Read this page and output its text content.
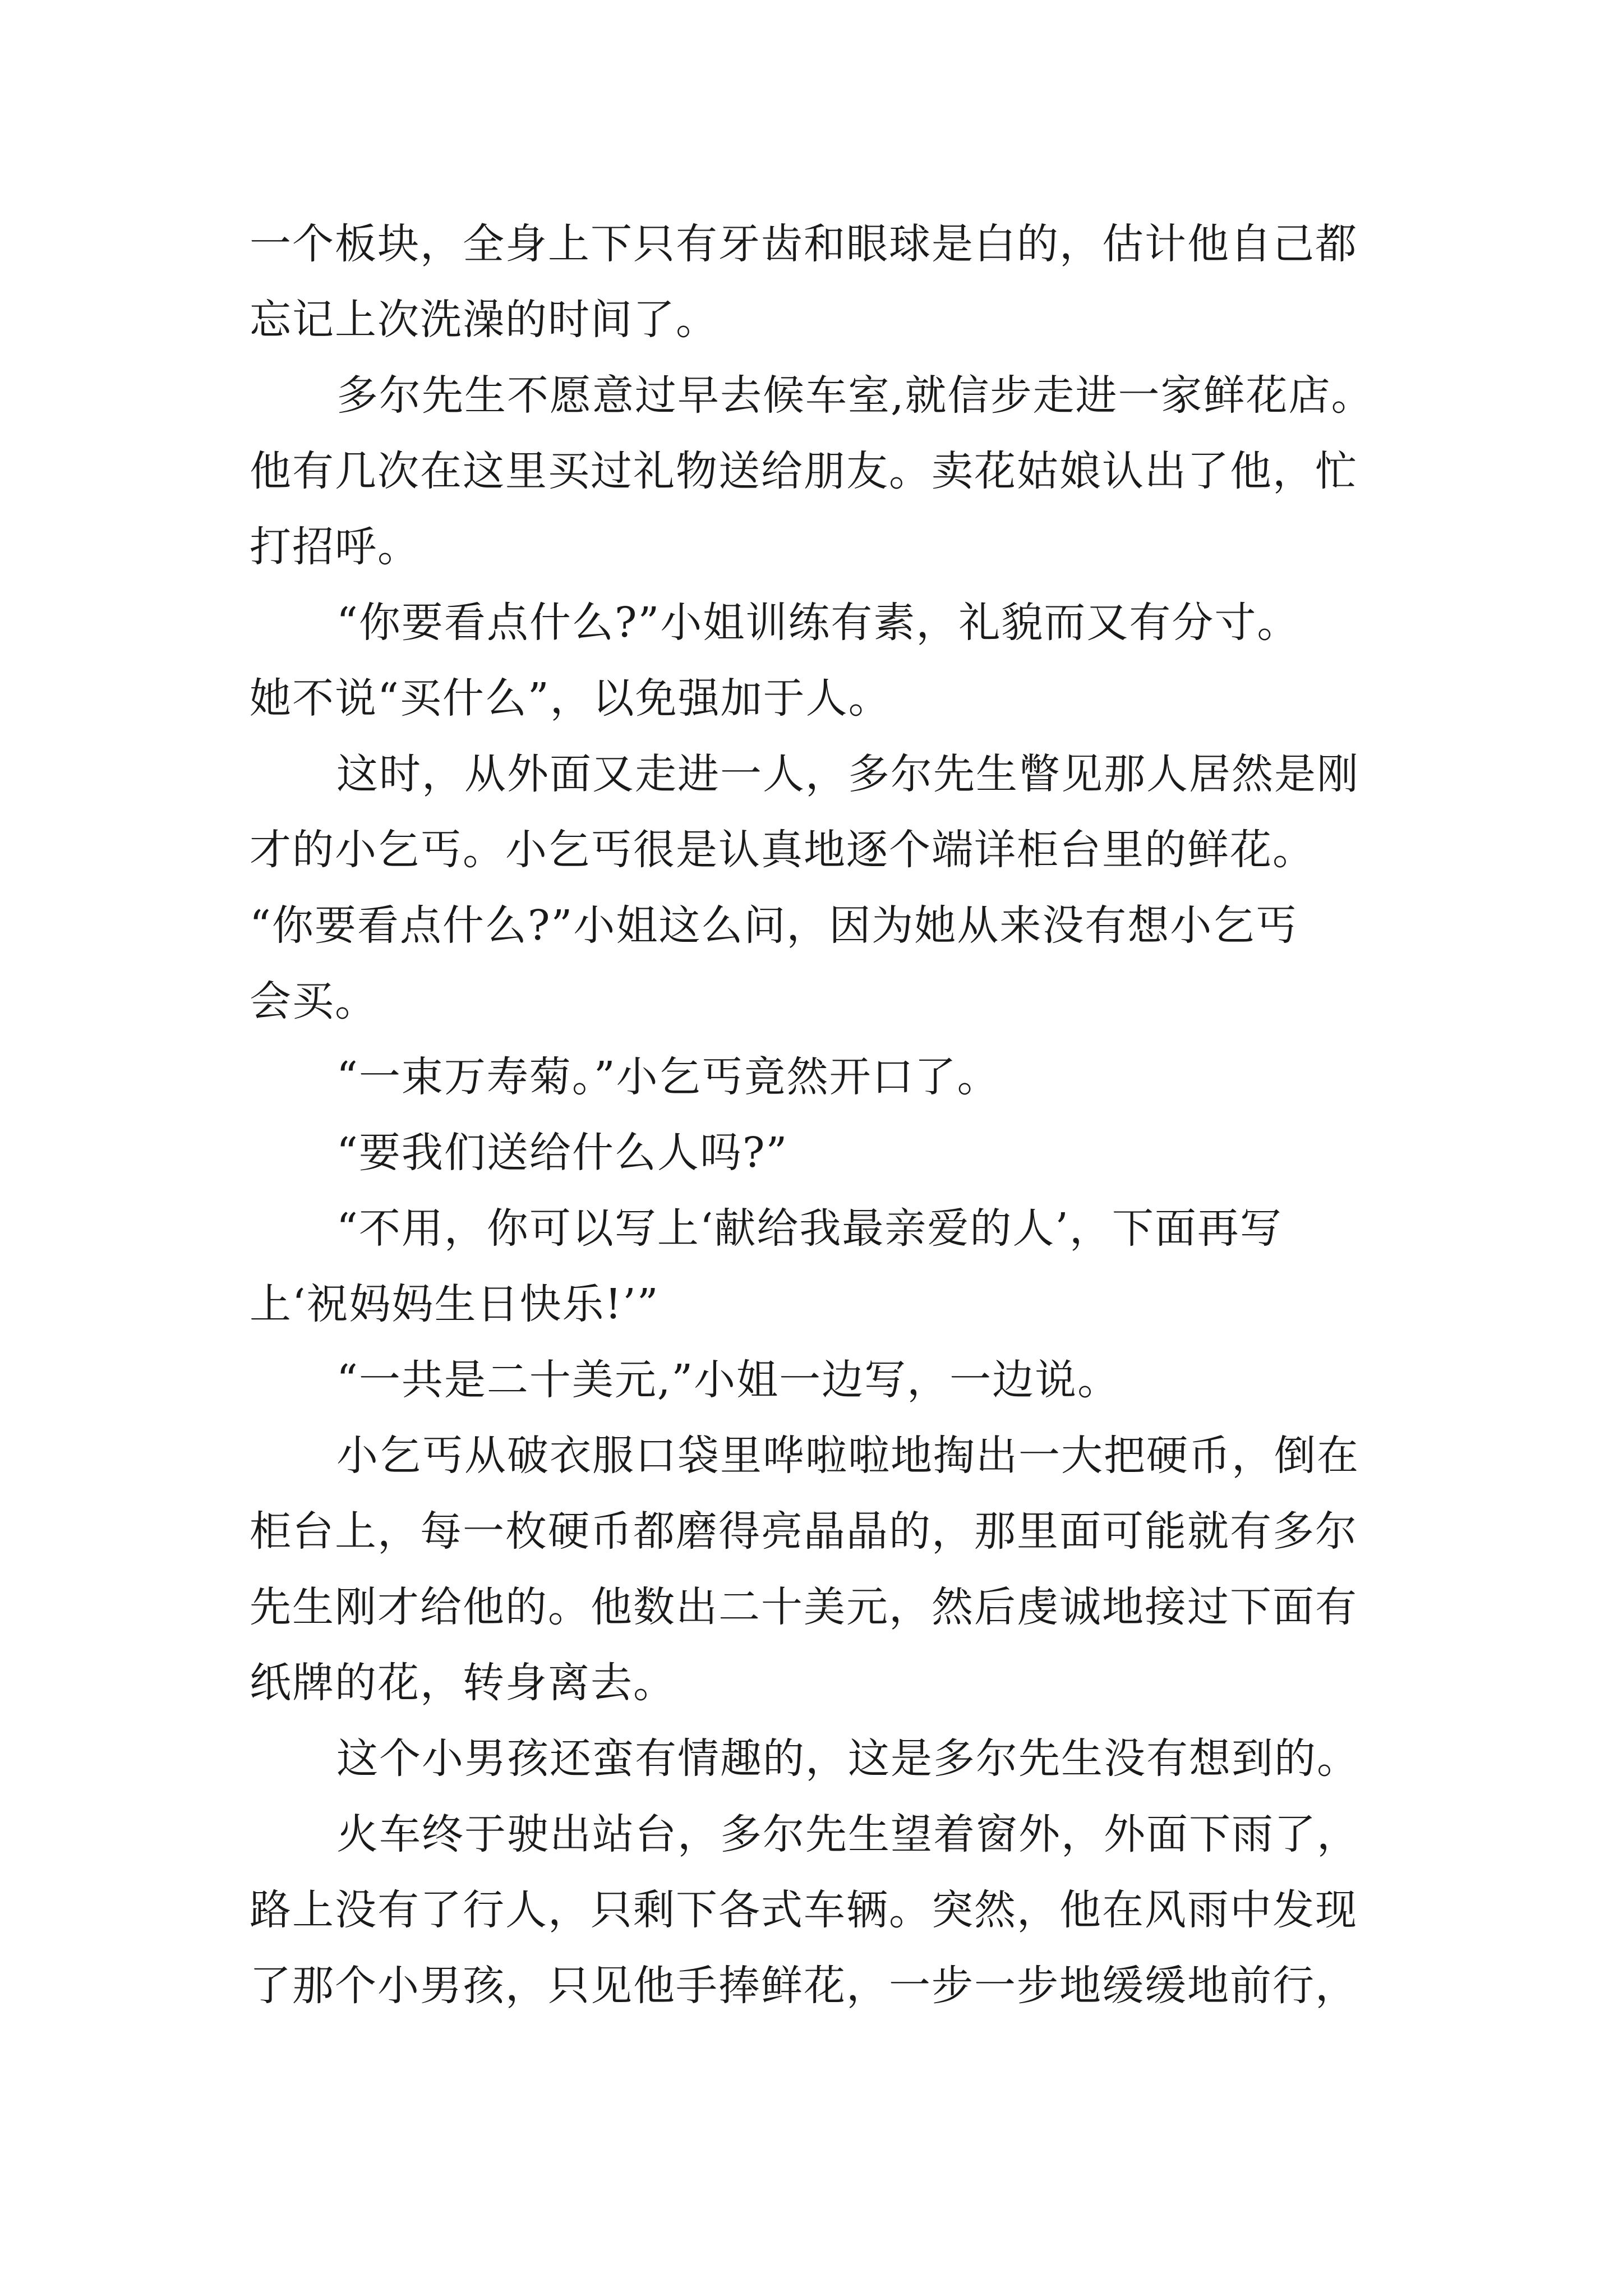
一个板块，全身上下只有牙齿和眼球是白的，估计他自己都
忘记上次洗澡的时间了。
多尔先生不愿意过早去候车室,就信步走进一家鲜花店。
他有几次在这里买过礼物送给朋友。卖花姑娘认出了他，忙
打招呼。
“你要看点什么?”小姐训练有素，礼貌而又有分寸。
她不说“买什么”，以免强加于人。
这时，从外面又走进一人，多尔先生瞥见那人居然是刚
才的小乞丐。小乞丐很是认真地逐个端详柜台里的鲜花。
“你要看点什么?”小姐这么问，因为她从来没有想小乞丐
会买。
“一束万寿菊。”小乞丐竟然开口了。
“要我们送给什么人吗?”
“不用，你可以写上‘献给我最亲爱的人’，下面再写
上‘祝妈妈生日快乐!’”
“一共是二十美元,”小姐一边写，一边说。
小乞丐从破衣服口袋里哗啦啦地掏出一大把硬币，倒在
柜台上，每一枚硬币都磨得亮晶晶的，那里面可能就有多尔
先生刚才给他的。他数出二十美元，然后虔诚地接过下面有
纸牌的花，转身离去。
这个小男孩还蛮有情趣的，这是多尔先生没有想到的。
火车终于驶出站台，多尔先生望着窗外，外面下雨了，
路上没有了行人，只剩下各式车辆。突然，他在风雨中发现
了那个小男孩，只见他手捧鲜花，一步一步地缓缓地前行，
